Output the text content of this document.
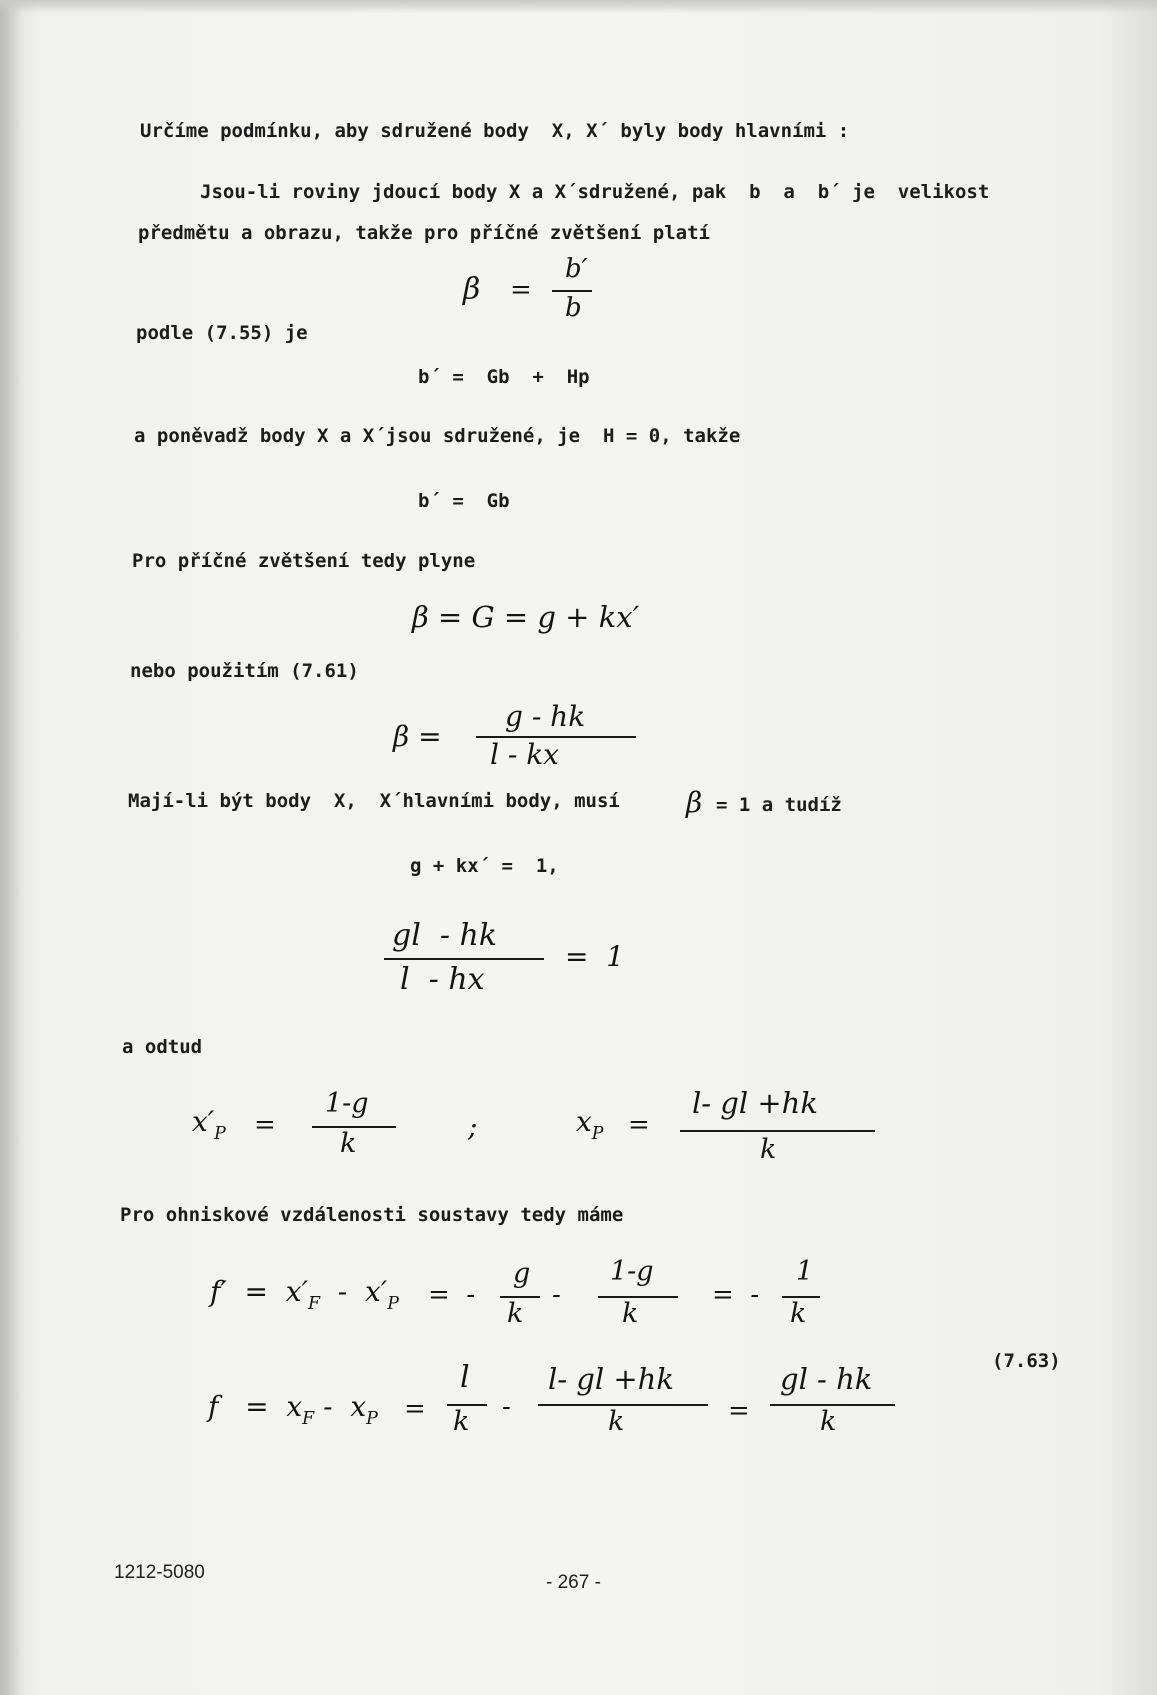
Určíme podmínku, aby sdružené body  X, X´ byly body hlavními :
Jsou-li roviny jdoucí body X a X´sdružené, pak  b  a  b´ je  velikost
předmětu a obrazu, takže pro příčné zvětšení platí
β =
b′
b
podle (7.55) je
b´ =  Gb  +  Hp
a poněvadž body X a X´jsou sdružené, je  H = 0, takže
b´ =  Gb
Pro příčné zvětšení tedy plyne
β = G = g + kx′
nebo použitím (7.61)
β =
g - hk
l - kx
Mají-li být body  X,  X´hlavními body, musí β = 1 a tudíž
g + kx´ =  1,
gl  - hk
l  - hx
=  1
a odtud
$x'_P$ =
1-g
k
;	$x_P$ =
l- gl +hk
k
Pro ohniskové vzdálenosti soustavy tedy máme
$f' = x'_F - x'_P$ =  -
g
k
-
1-g
k
=  -
1
k
(7.63)
$f = x_F - x_P$ =
l
k -
l- gl +hk
k	=
gl - hk
k
1212-5080	- 267 -
